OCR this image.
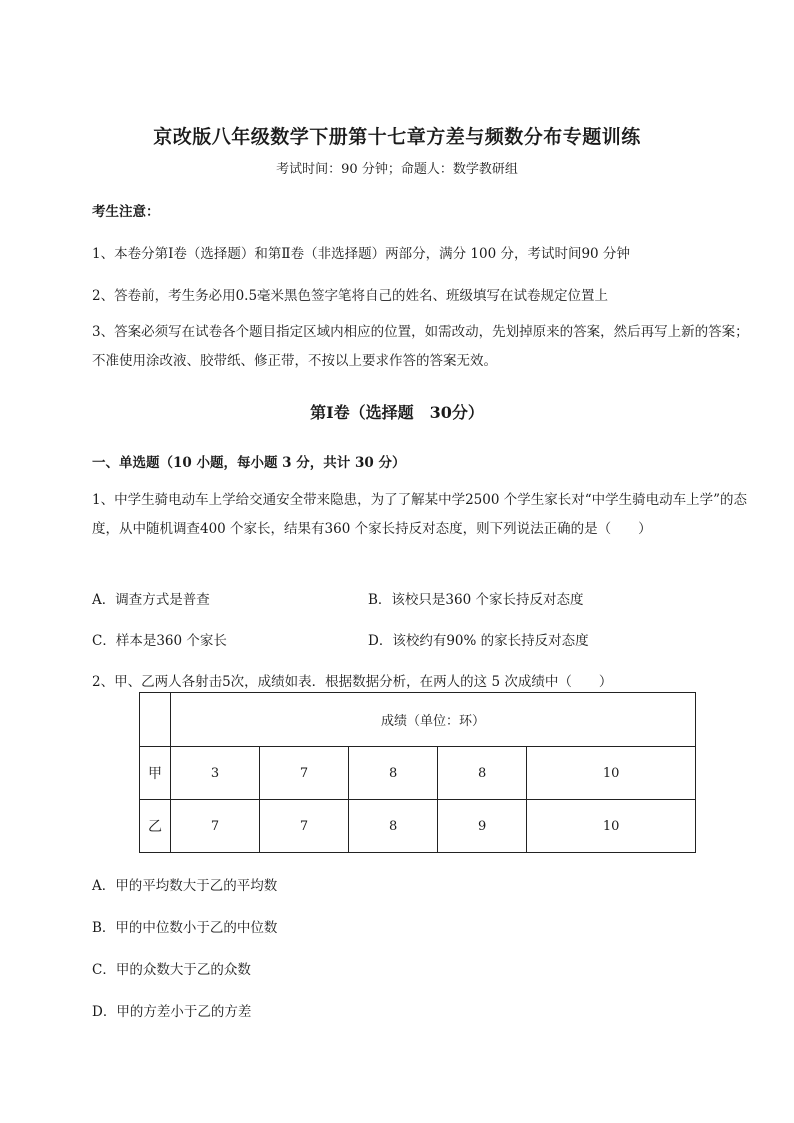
京改版八年级数学下册第十七章方差与频数分布专题训练
考试时间：90 分钟；命题人：数学教研组
考生注意：
1、本卷分第Ⅰ卷（选择题）和第Ⅱ卷（非选择题）两部分，满分 100 分，考试时间90 分钟
2、答卷前，考生务必用0.5毫米黑色签字笔将自己的姓名、班级填写在试卷规定位置上
3、答案必须写在试卷各个题目指定区域内相应的位置，如需改动，先划掉原来的答案，然后再写上新的答案；不准使用涂改液、胶带纸、修正带，不按以上要求作答的答案无效。
第Ⅰ卷（选择题　30分）
一、单选题（10 小题，每小题 3 分，共计 30 分）
1、中学生骑电动车上学给交通安全带来隐患，为了了解某中学2500 个学生家长对“中学生骑电动车上学”的态度，从中随机调查400 个家长，结果有360 个家长持反对态度，则下列说法正确的是（　　）
A．调查方式是普查	B．该校只是360 个家长持反对态度
C．样本是360 个家长	D．该校约有90% 的家长持反对态度
2、甲、乙两人各射击5次，成绩如表．根据数据分析，在两人的这 5 次成绩中（　　）
	成绩（单位：环）				
甲	3	7	8	8	10
乙	7	7	8	9	10
A．甲的平均数大于乙的平均数
B．甲的中位数小于乙的中位数
C．甲的众数大于乙的众数
D．甲的方差小于乙的方差
